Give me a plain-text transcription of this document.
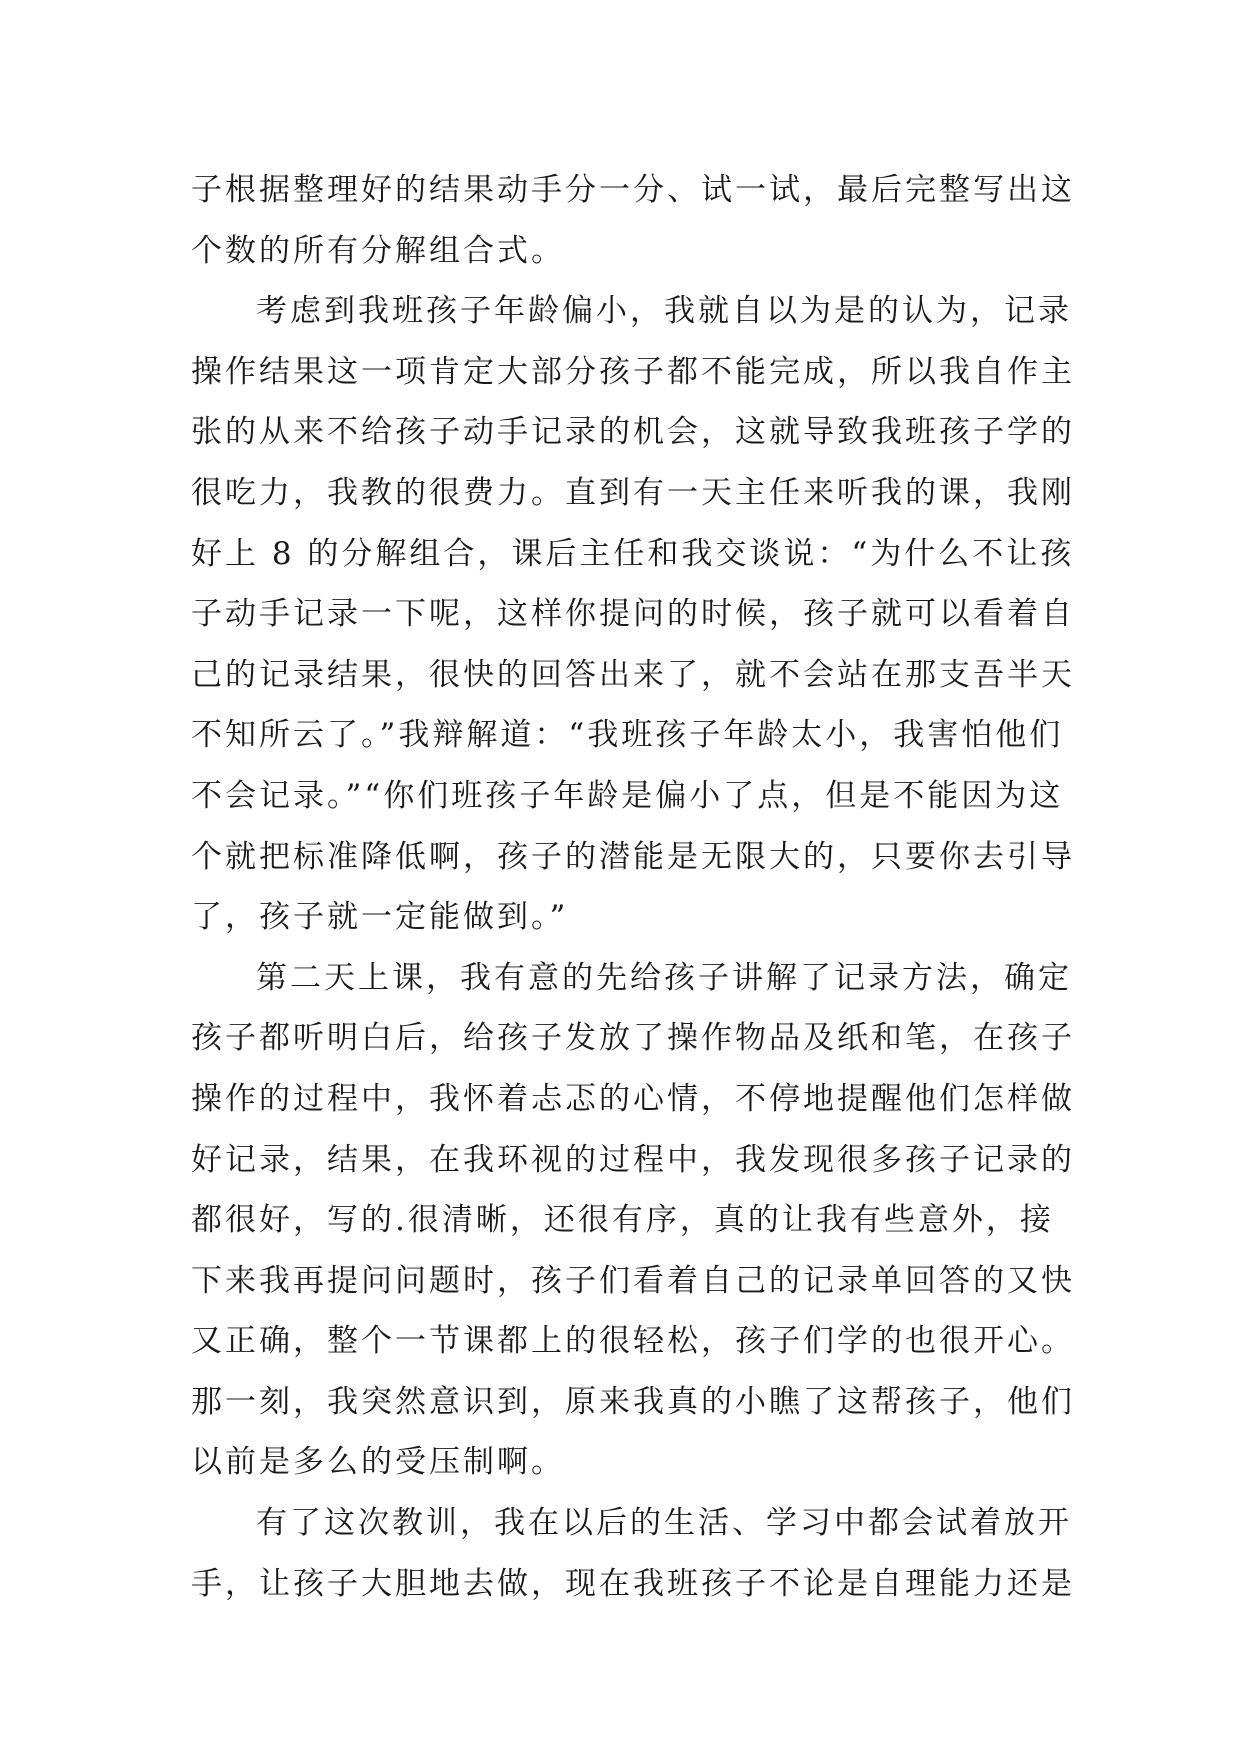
子根据整理好的结果动手分一分、试一试，最后完整写出这
个数的所有分解组合式。
考虑到我班孩子年龄偏小，我就自以为是的认为，记录
操作结果这一项肯定大部分孩子都不能完成，所以我自作主
张的从来不给孩子动手记录的机会，这就导致我班孩子学的
很吃力，我教的很费力。直到有一天主任来听我的课，我刚
好上 8 的分解组合，课后主任和我交谈说：“为什么不让孩
子动手记录一下呢，这样你提问的时候，孩子就可以看着自
己的记录结果，很快的回答出来了，就不会站在那支吾半天
不知所云了。”我辩解道：“我班孩子年龄太小，我害怕他们
不会记录。”“你们班孩子年龄是偏小了点，但是不能因为这
个就把标准降低啊，孩子的潜能是无限大的，只要你去引导
了，孩子就一定能做到。”
第二天上课，我有意的先给孩子讲解了记录方法，确定
孩子都听明白后，给孩子发放了操作物品及纸和笔，在孩子
操作的过程中，我怀着忐忑的心情，不停地提醒他们怎样做
好记录，结果，在我环视的过程中，我发现很多孩子记录的
都很好，写的.很清晰，还很有序，真的让我有些意外，接
下来我再提问问题时，孩子们看着自己的记录单回答的又快
又正确，整个一节课都上的很轻松，孩子们学的也很开心。
那一刻，我突然意识到，原来我真的小瞧了这帮孩子，他们
以前是多么的受压制啊。
有了这次教训，我在以后的生活、学习中都会试着放开
手，让孩子大胆地去做，现在我班孩子不论是自理能力还是
